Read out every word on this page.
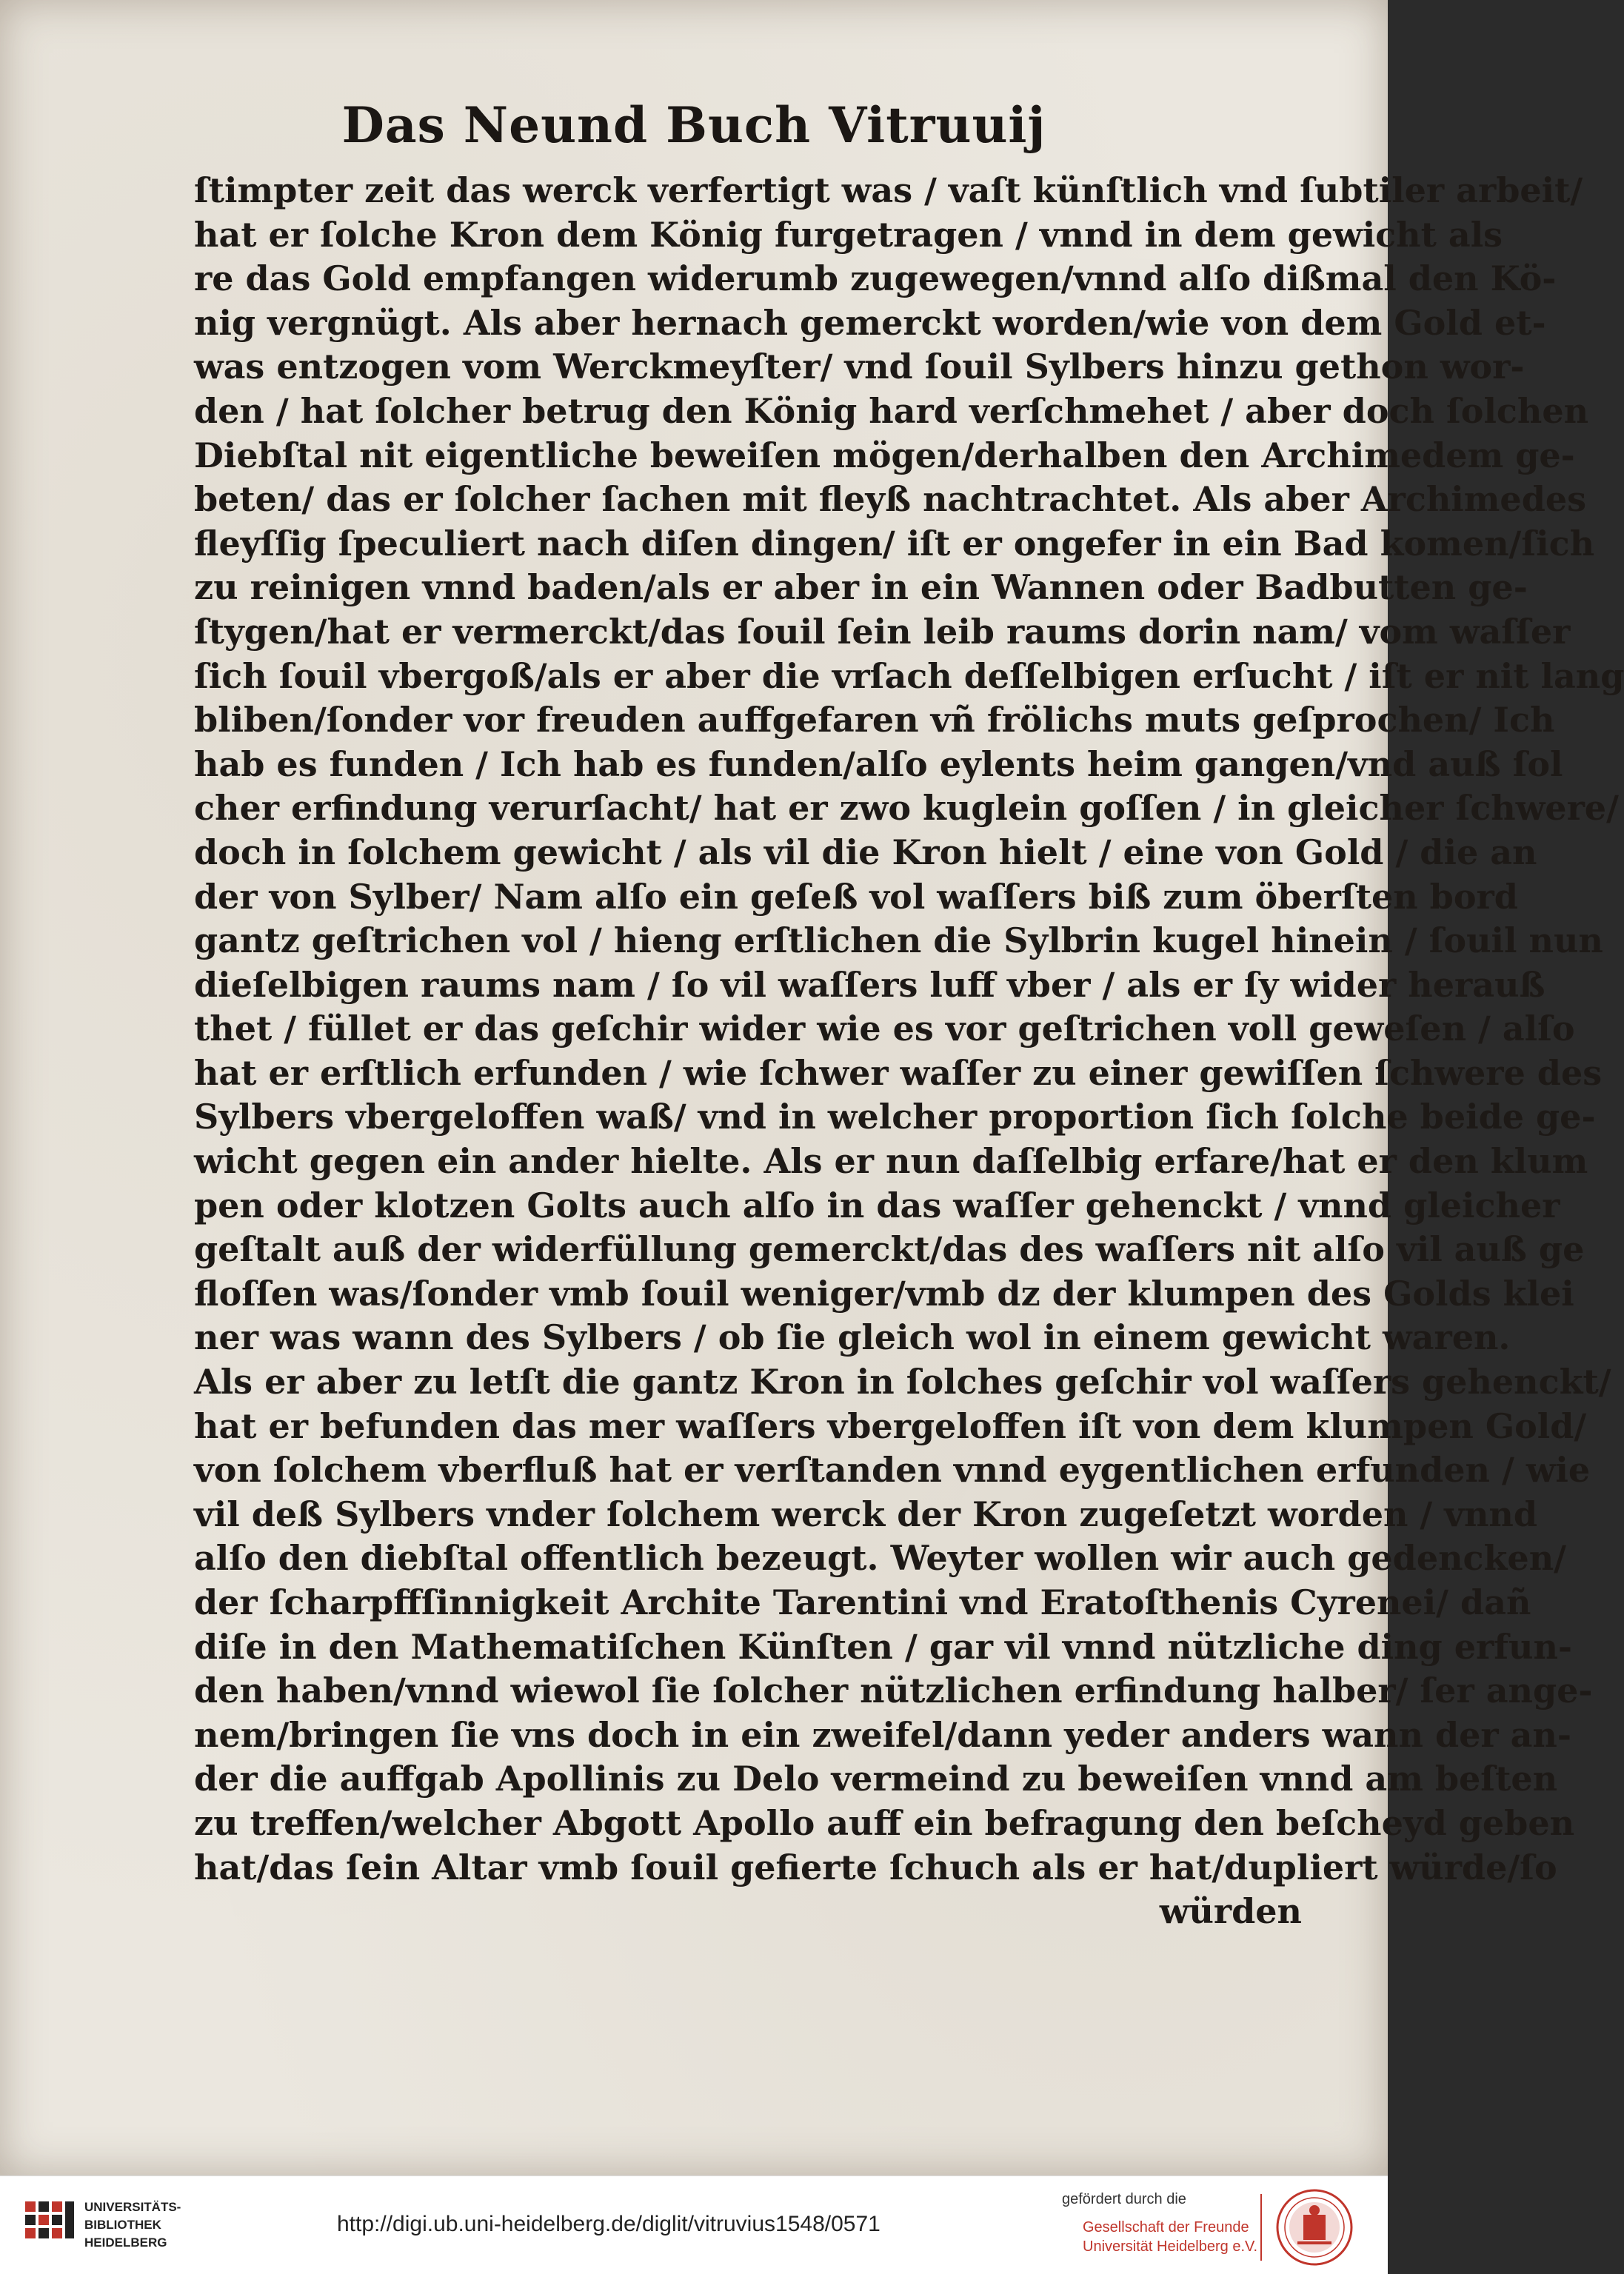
Das Neund Buch Vitruuij
ſtimpter zeit das werck verfertigt was / vaſt künſtlich vnd ſubtiler arbeit/
hat er ſolche Kron dem König furgetragen / vnnd in dem gewicht als
re das Gold empfangen widerumb zugewegen/vnnd alſo dißmal den Kö-
nig vergnügt. Als aber hernach gemerckt worden/wie von dem Gold et-
was entzogen vom Werckmeyſter/ vnd ſouil Sylbers hinzu gethon wor-
den / hat ſolcher betrug den König hard verſchmehet / aber doch ſolchen
Diebſtal nit eigentliche beweiſen mögen/derhalben den Archimedem ge-
beten/ das er ſolcher ſachen mit fleyß nachtrachtet. Als aber Archimedes
fleyſſig ſpeculiert nach diſen dingen/ iſt er ongefer in ein Bad komen/ſich
zu reinigen vnnd baden/als er aber in ein Wannen oder Badbutten ge-
ſtygen/hat er vermerckt/das ſouil ſein leib raums dorin nam/ vom waſſer
ſich ſouil vbergoß/als er aber die vrſach deſſelbigen erſucht / iſt er nit lang
bliben/ſonder vor freuden auffgefaren vñ frölichs muts geſprochen/ Ich
hab es funden / Ich hab es funden/alſo eylents heim gangen/vnd auß ſol
cher erfindung verurſacht/ hat er zwo kuglein goſſen / in gleicher ſchwere/
doch in ſolchem gewicht / als vil die Kron hielt / eine von Gold / die an
der von Sylber/ Nam alſo ein geſeß vol waſſers biß zum öberſten bord
gantz geſtrichen vol / hieng erſtlichen die Sylbrin kugel hinein / ſouil nun
dieſelbigen raums nam / ſo vil waſſers luff vber / als er ſy wider herauß
thet / füllet er das geſchir wider wie es vor geſtrichen voll geweſen / alſo
hat er erſtlich erfunden / wie ſchwer waſſer zu einer gewiſſen ſchwere des
Sylbers vbergeloffen waß/ vnd in welcher proportion ſich ſolche beide ge-
wicht gegen ein ander hielte. Als er nun daſſelbig erfare/hat er den klum
pen oder klotzen Golts auch alſo in das waſſer gehenckt / vnnd gleicher
geſtalt auß der widerfüllung gemerckt/das des waſſers nit alſo vil auß ge
floſſen was/ſonder vmb ſouil weniger/vmb dz der klumpen des Golds klei
ner was wann des Sylbers / ob ſie gleich wol in einem gewicht waren.
Als er aber zu letſt die gantz Kron in ſolches geſchir vol waſſers gehenckt/
hat er befunden das mer waſſers vbergeloffen iſt von dem klumpen Gold/
von ſolchem vberfluß hat er verſtanden vnnd eygentlichen erfunden / wie
vil deß Sylbers vnder ſolchem werck der Kron zugeſetzt worden / vnnd
alſo den diebſtal offentlich bezeugt. Weyter wollen wir auch gedencken/
der ſcharpffſinnigkeit Archite Tarentini vnd Eratoſthenis Cyrenei/ dañ
diſe in den Mathematiſchen Künſten / gar vil vnnd nützliche ding erfun-
den haben/vnnd wiewol ſie ſolcher nützlichen erfindung halber/ ſer ange-
nem/bringen ſie vns doch in ein zweifel/dann yeder anders wann der an-
der die auffgab Apollinis zu Delo vermeind zu beweiſen vnnd am beſten
zu treffen/welcher Abgott Apollo auff ein befragung den beſcheyd geben
hat/das ſein Altar vmb ſouil gefierte ſchuch als er hat/dupliert würde/ſo
würden
UNIVERSITÄTS-
BIBLIOTHEK
HEIDELBERG
http://digi.ub.uni-heidelberg.de/diglit/vitruvius1548/0571
gefördert durch die
Gesellschaft der Freunde
Universität Heidelberg e.V.
